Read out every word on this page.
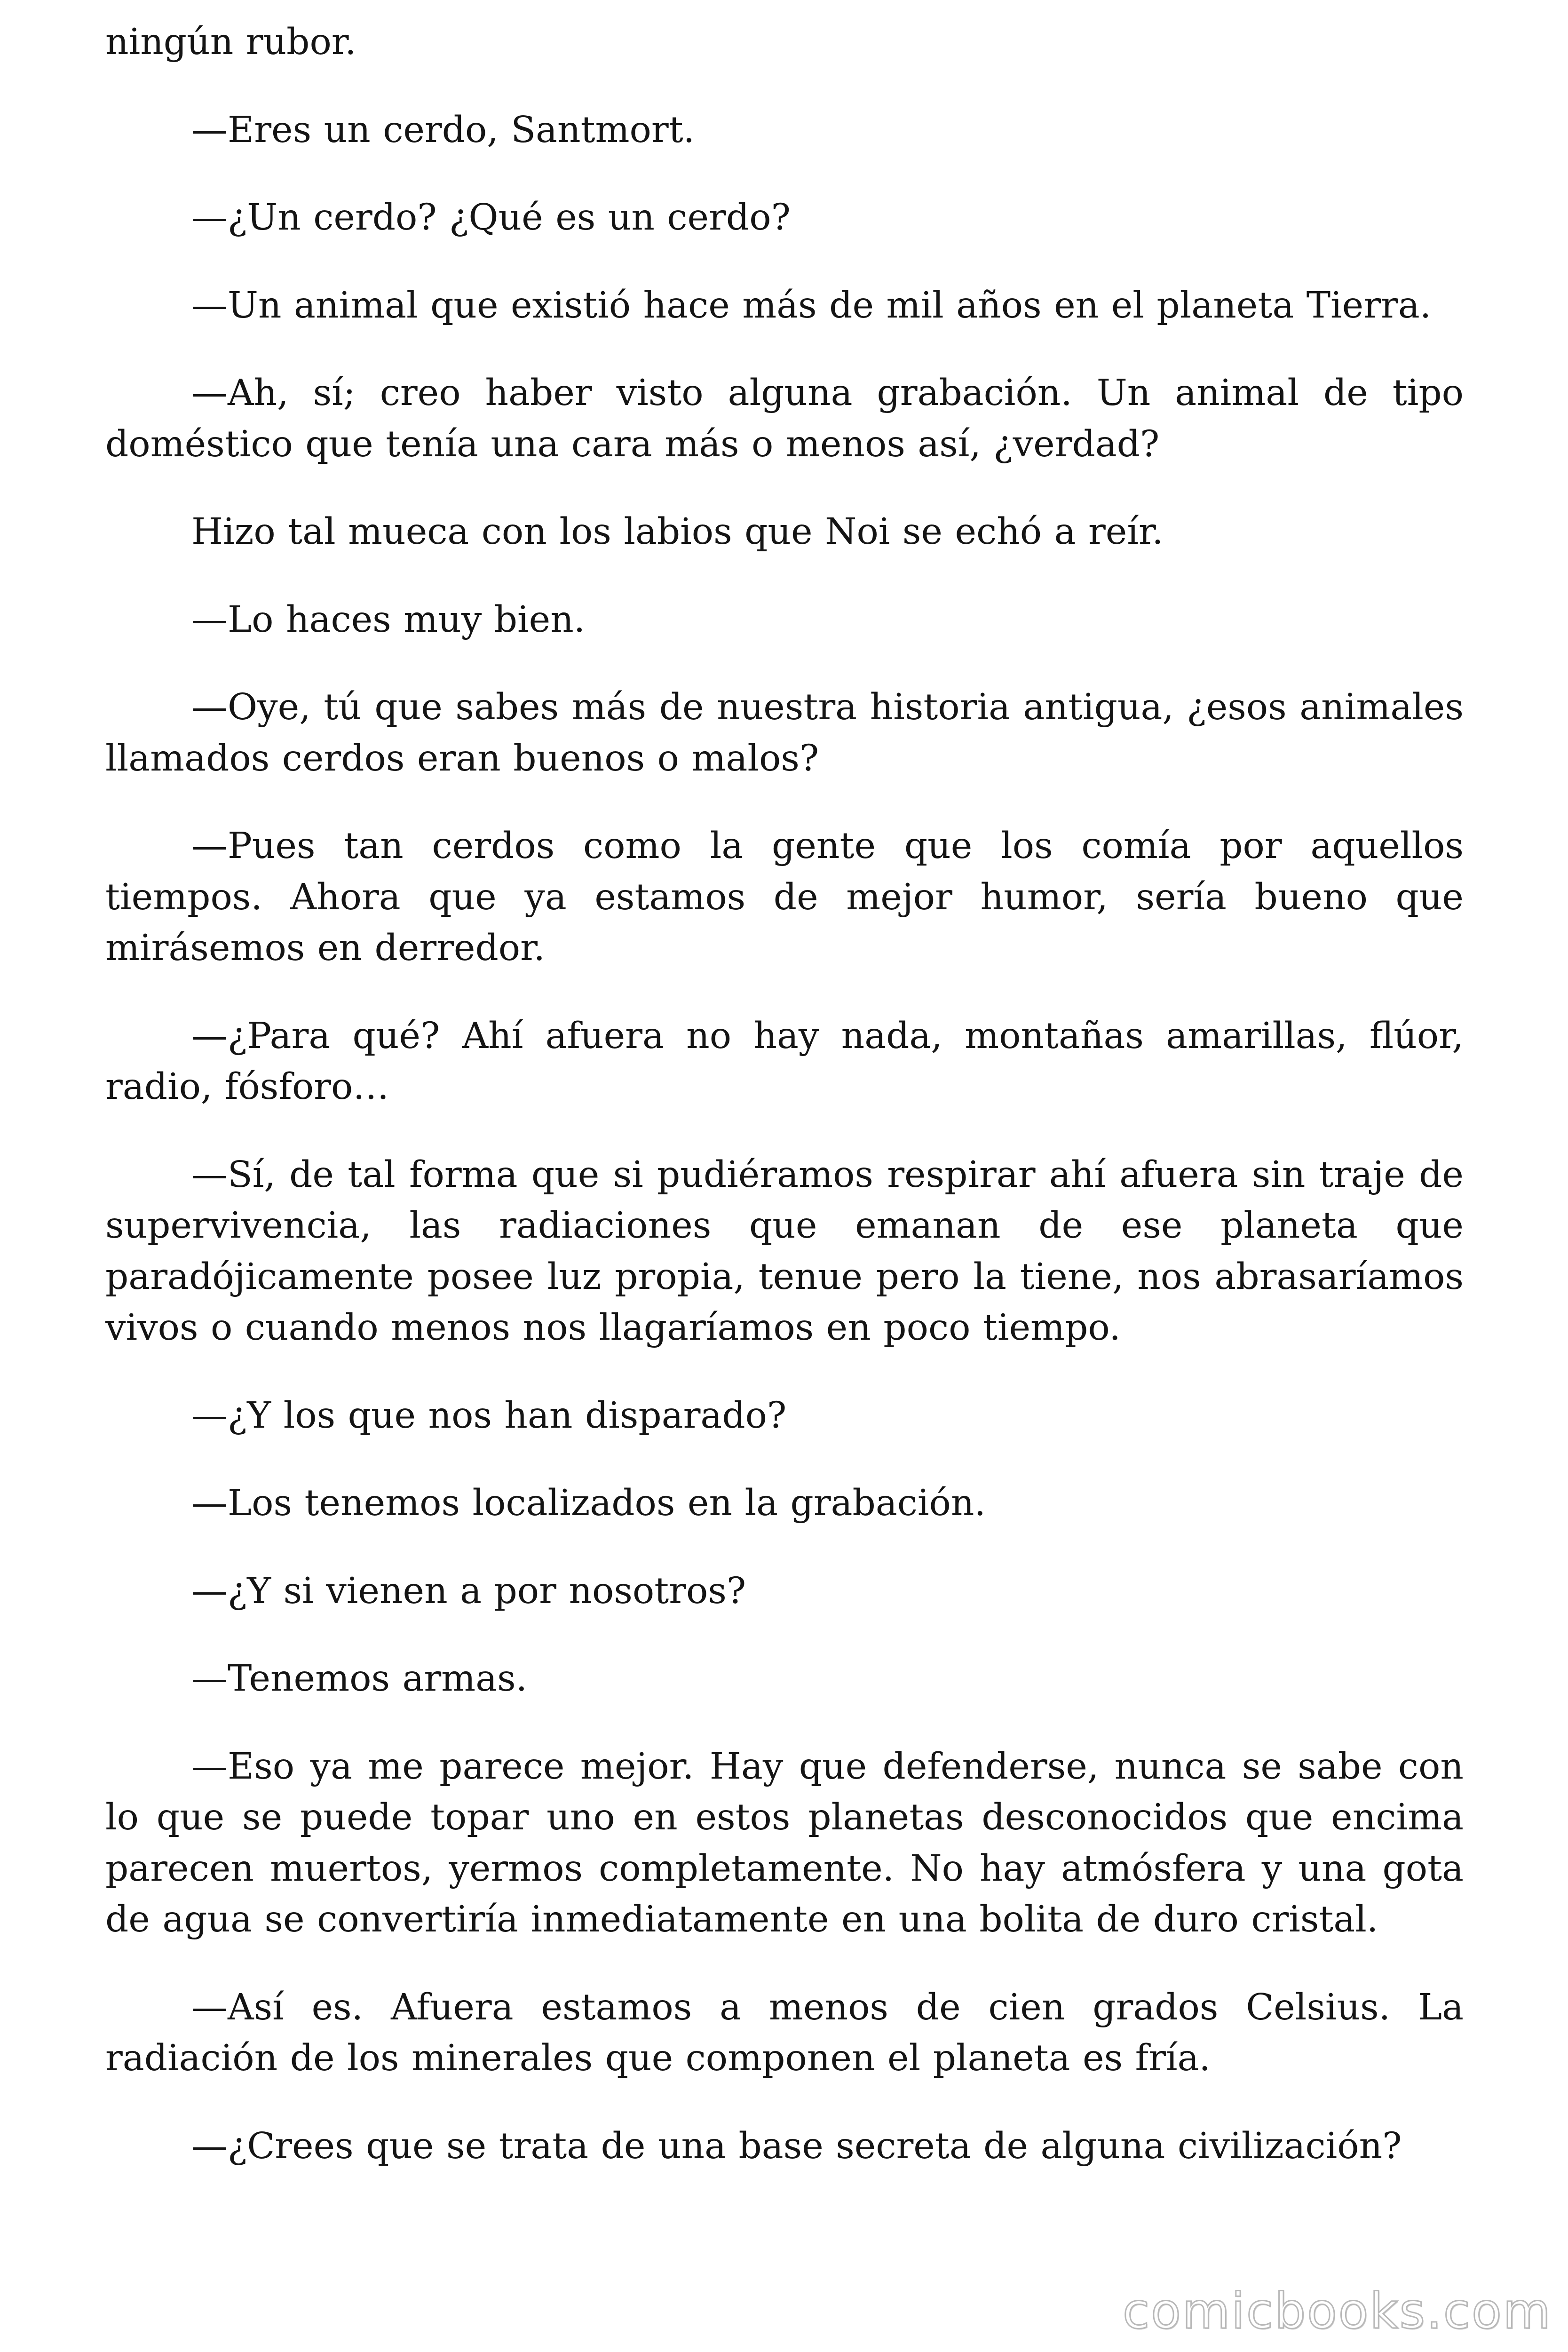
ningún rubor.

—Eres un cerdo, Santmort.

—¿Un cerdo? ¿Qué es un cerdo?

—Un animal que existió hace más de mil años en el planeta Tierra.

—Ah, sí; creo haber visto alguna grabación. Un animal de tipo doméstico que tenía una cara más o menos así, ¿verdad?

Hizo tal mueca con los labios que Noi se echó a reír.

—Lo haces muy bien.

—Oye, tú que sabes más de nuestra historia antigua, ¿esos animales llamados cerdos eran buenos o malos?

—Pues tan cerdos como la gente que los comía por aquellos tiempos. Ahora que ya estamos de mejor humor, sería bueno que mirásemos en derredor.

—¿Para qué? Ahí afuera no hay nada, montañas amarillas, flúor, radio, fósforo…

—Sí, de tal forma que si pudiéramos respirar ahí afuera sin traje de supervivencia, las radiaciones que emanan de ese planeta que paradójicamente posee luz propia, tenue pero la tiene, nos abrasaríamos vivos o cuando menos nos llagaríamos en poco tiempo.

—¿Y los que nos han disparado?

—Los tenemos localizados en la grabación.

—¿Y si vienen a por nosotros?

—Tenemos armas.

—Eso ya me parece mejor. Hay que defenderse, nunca se sabe con lo que se puede topar uno en estos planetas desconocidos que encima parecen muertos, yermos completamente. No hay atmósfera y una gota de agua se convertiría inmediatamente en una bolita de duro cristal.

—Así es. Afuera estamos a menos de cien grados Celsius. La radiación de los minerales que componen el planeta es fría.

—¿Crees que se trata de una base secreta de alguna civilización?

comicbooks.com
